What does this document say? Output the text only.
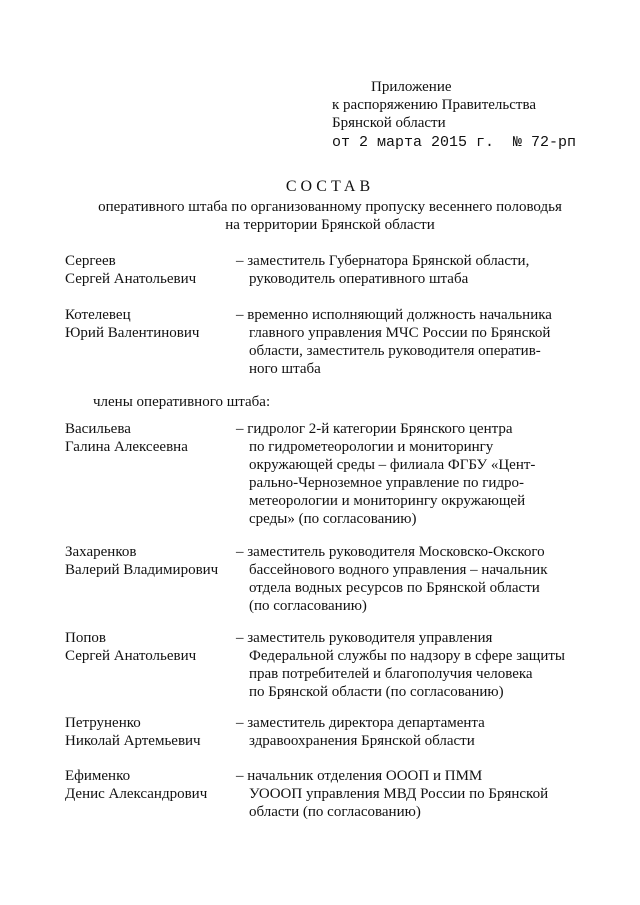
Приложение
к распоряжению Правительства
Брянской области
от 2 марта 2015 г. № 72-рп
СОСТАВ
оперативного штаба по организованному пропуску весеннего половодья
на территории Брянской области
Сергеев
Сергей Анатольевич
– заместитель Губернатора Брянской области,
руководитель оперативного штаба
Котелевец
Юрий Валентинович
– временно исполняющий должность начальника
главного управления МЧС России по Брянской
области, заместитель руководителя оператив-
ного штаба
члены оперативного штаба:
Васильева
Галина Алексеевна
– гидролог 2-й категории Брянского центра
по гидрометеорологии и мониторингу
окружающей среды – филиала ФГБУ «Цент-
рально-Черноземное управление по гидро-
метеорологии и мониторингу окружающей
среды» (по согласованию)
Захаренков
Валерий Владимирович
– заместитель руководителя Московско-Окского
бассейнового водного управления – начальник
отдела водных ресурсов по Брянской области
(по согласованию)
Попов
Сергей Анатольевич
– заместитель руководителя управления
Федеральной службы по надзору в сфере защиты
прав потребителей и благополучия человека
по Брянской области (по согласованию)
Петруненко
Николай Артемьевич
– заместитель директора департамента
здравоохранения Брянской области
Ефименко
Денис Александрович
– начальник отделения ОООП и ПММ
УОООП управления МВД России по Брянской
области (по согласованию)
